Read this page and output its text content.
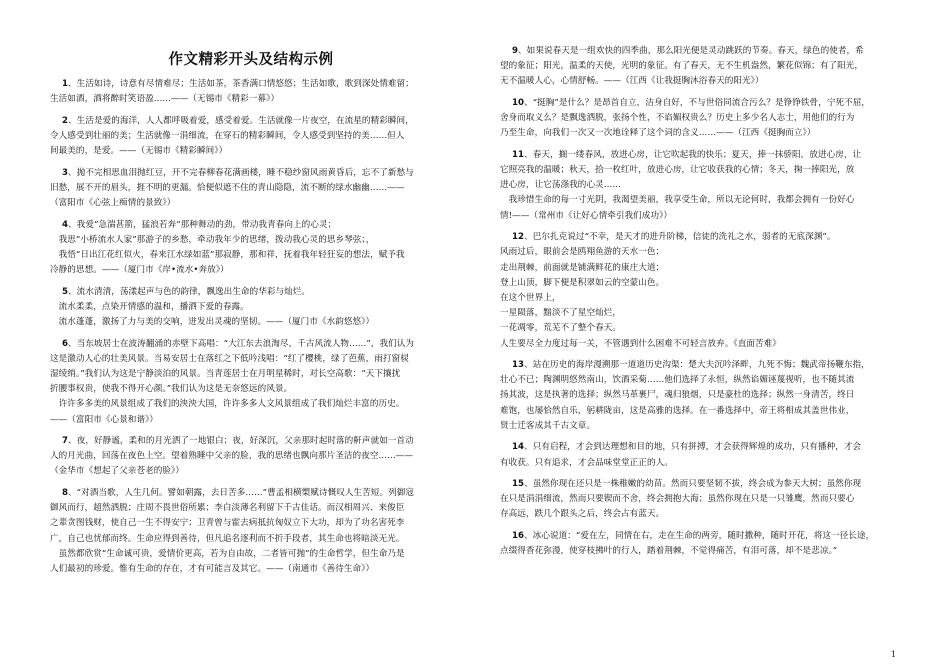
作文精彩开头及结构示例
1、生活如诗，诗意有尽情难尽；生活如茶，茶香满口情悠悠；生活如歌，歌到深处情难留；
生活如酒，酒将醉时笑语盈……——（无锡市《精彩一幕》）
2、生活是爱的海洋，人人都呼吸着爱，感受着爱。生活就像一片夜空，在流星的精彩瞬间，
令人感受到壮丽的美；生活就像一涓细流，在穿石的精彩瞬间，令人感受到坚持的美……但人
间最美的，是爱。——（无锡市《精彩瞬间》）
3、抛不完相思血泪抛红豆，开不完春柳春花满画楼，睡不稳纱窗风雨黄昏后，忘不了新愁与
旧愁，展不开的眉头，捱不明的更漏。恰便似遮不住的青山隐隐，流不断的绿水幽幽……——
（富阳市《心弦上痴情的景致》）
4、我爱“急湍甚箭，猛浪若奔”那种舞动的劲，带动我青春向上的心灵；
　我思“小桥流水人家”那游子的乡愁，牵动我年少的思绪，拨动我心灵的思乡琴弦；，
　我悟“日出江花红似火，春来江水绿如蓝”那寂静，那和祥，抚着我年轻狂妄的想法，赋予我
冷静的思想。——（厦门市《岸•流水•奔放》）
5、流水清清，荡漾起声与色的韵律，飘逸出生命的华彩与灿烂。
　流水柔柔，点染开情感的温和，播洒下爱的春露。
　流水蓬蓬，激扬了力与美的交响，迸发出灵魂的坚韧。——（厦门市《水韵悠悠》）
6、当东坡居士在波涛翻涌的赤壁下高唱：“大江东去浪淘尽，千古风流人物……”，我们认为
这是激动人心的壮美风景。当易安居士在落红之下低吟浅唱：“红了樱桃，绿了芭蕉，雨打窗棂
湿绫绡。”我们认为这是宁静淡泊的风景。当青莲居士在月明星稀时，对长空高歌：“天下攘扰
折腰事权贵，使我不得开心颜。”我们认为这是无奈悠远的风景。
　许许多多美的风景组成了我们的泱泱大国，许许多多人文风景组成了我们灿烂丰富的历史。
——（富阳市《心景和谐》）
7、夜，好静谧，柔和的月光洒了一地银白；夜，好深沉，父亲那时起时落的鼾声就如一首动
人的月光曲，回荡在夜色上空。望着熟睡中父亲的脸，我的思绪也飘向那片圣洁的夜空……——
（金华市《想起了父亲苍老的脸》）
8、“对酒当歌，人生几何。譬如朝露，去日苦多……”曹孟相横槊赋诗慨叹人生苦短。列御寇
御风而行，超然洒脱；庄周不畏世俗所累；李白淡薄名利留下千古佳话。而汉相周兴、来俊臣
之辈贪图钱财，使自己一生不得安宁；卫青曾与霍去病抵抗匈奴立下大功，却为了功名害死李
广，自己也忧郁而终。生命应得到善待，但凡追名逐利而不折手段者，其生命也将暗淡无光。
　虽然都欣赏“生命诚可贵，爱情价更高，若为自由故，二者皆可抛”的生命哲学，但生命乃是
人们最初的珍爱。惟有生命的存在，才有可能言及其它。——（南通市《善待生命》）
9、如果说春天是一组欢快的四季曲，那么阳光便是灵动跳跃的节奏。春天，绿色的使者，希
望的象征；阳光，温柔的天使，光明的象征。有了春天，无不生机盎然，繁花似锦；有了阳光，
无不温暖人心，心情舒畅。——（江西《让我挺胸沐浴春天的阳光》）
10、“挺胸”是什么？是昂首自立，洁身自好，不与世俗同流合污么？是铮铮铁骨，宁死不屈，
舍身而取义么？是飘逸洒脱，张扬个性，不谄媚权贵么？历史上多少名人志士，用他们的行为
乃至生命，向我们一次又一次地诠释了这个词的含义……——（江西《挺胸而立》）
11、春天，搁一缕春风，放进心房，让它吹起我的快乐；夏天，捧一抹骄阳，放进心房，让
它照亮我的温暖；秋天，拾一枚红叶，放进心房，让它收获我的心情；冬天，掬一捧阳光，放
进心房，让它荡涤我的心灵……
　我珍惜生命的每一寸光阴，我渴望美丽，我享受生命，所以无论何时，我都会拥有一份好心
情!——（常州市《让好心情牵引我们成功》）
12、巴尔扎克说过“不幸，是天才的进升阶梯，信徒的洗礼之水，弱者的无底深渊”。
风雨过后，眼前会是鸥翔鱼游的天水一色；
走出荆棘，前面就是铺满鲜花的康庄大道；
登上山顶，脚下便是积翠如云的空蒙山色。
在这个世界上，
一星陨落，黯淡不了星空灿烂，
一花凋零，荒芜不了整个春天。
人生要尽全力度过每一关，不管遇到什么困难不可轻言放弃。《直面苦难》
13、站在历史的海岸漫溯那一道道历史沟渠：楚大夫沉吟泽畔，九死不悔；魏武帝扬鞭东指，
壮心不已；陶渊明悠然南山，饮酒采菊……他们选择了永恒，纵然谄媚诬蔑视听，也不随其流
扬其波，这是执著的选择；纵然马革裹尸，魂归狼烟，只是豪杜的选择；纵然一身清苦，终日
难饱，也屡恰然自乐，躬耕陇亩，这是高雅的选择。在一番选择中，帝王将相成其盖世伟业，
贤士迁客成其千古文章。
14、只有启程，才会到达理想和目的地，只有拼搏，才会获得辉煌的成功，只有播种，才会
有收获。只有追求，才会品味堂堂正正的人。
15、虽然你现在还只是一株稚嫩的幼苗。然而只要坚韧不拔，终会成为参天大树；虽然你现
在只是涓涓细流，然而只要锲而不舍，终会拥抱大海；虽然你现在只是一只雏鹰，然而只要心
存高远，跌几个跟头之后，终会占有蓝天。
16、冰心说道：“爱在左，同情在右，走在生命的两旁，随时撒种，随时开花，将这一径长途，
点缀得香花弥漫，使穿枝拂叶的行人，踏着荆棘，不觉得痛苦，有泪可落，却不是悲凉。”
1
